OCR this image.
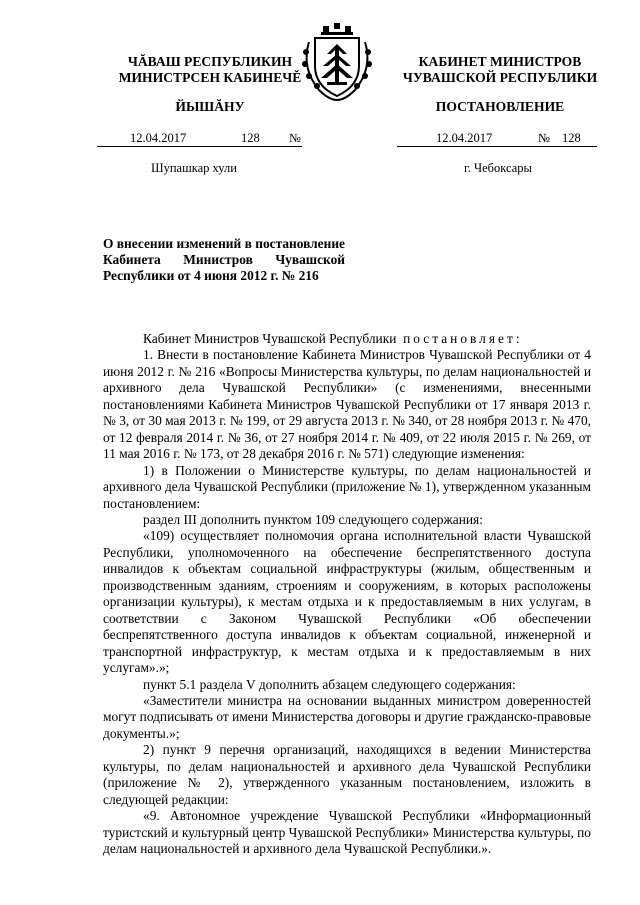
ЧĂВАШ РЕСПУБЛИКИН
МИНИСТРСЕН КАБИНЕЧĚ
ЙЫШĂНУ
КАБИНЕТ МИНИСТРОВ
ЧУВАШСКОЙ РЕСПУБЛИКИ
ПОСТАНОВЛЕНИЕ
12.04.2017	128 №	12.04.2017	№ 128
Шупашкар хули	г. Чебоксары
О внесении изменений в постановление Кабинета Министров Чувашской Республики от 4 июня 2012 г. № 216

Кабинет Министров Чувашской Республики постановляет:

1. Внести в постановление Кабинета Министров Чувашской Республики от 4 июня 2012 г. № 216 «Вопросы Министерства культуры, по делам национальностей и архивного дела Чувашской Республики» (с изменениями, внесенными постановлениями Кабинета Министров Чувашской Республики от 17 января 2013 г. № 3, от 30 мая 2013 г. № 199, от 29 августа 2013 г. № 340, от 28 ноября 2013 г. № 470, от 12 февраля 2014 г. № 36, от 27 ноября 2014 г. № 409, от 22 июля 2015 г. № 269, от 11 мая 2016 г. № 173, от 28 декабря 2016 г. № 571) следующие изменения:

1) в Положении о Министерстве культуры, по делам национальностей и архивного дела Чувашской Республики (приложение № 1), утвержденном указанным постановлением:

раздел III дополнить пунктом 109 следующего содержания:

«109) осуществляет полномочия органа исполнительной власти Чувашской Республики, уполномоченного на обеспечение беспрепятственного доступа инвалидов к объектам социальной инфраструктуры (жилым, общественным и производственным зданиям, строениям и сооружениям, в которых расположены организации культуры), к местам отдыха и к предоставляемым в них услугам, в соответствии с Законом Чувашской Республики «Об обеспечении беспрепятственного доступа инвалидов к объектам социальной, инженерной и транспортной инфраструктур, к местам отдыха и к предоставляемым в них услугам».»;

пункт 5.1 раздела V дополнить абзацем следующего содержания:

«Заместители министра на основании выданных министром доверенностей могут подписывать от имени Министерства договоры и другие гражданско-правовые документы.»;

2) пункт 9 перечня организаций, находящихся в ведении Министерства культуры, по делам национальностей и архивного дела Чувашской Республики (приложение № 2), утвержденного указанным постановлением, изложить в следующей редакции:

«9. Автономное учреждение Чувашской Республики «Информационный туристский и культурный центр Чувашской Республики» Министерства культуры, по делам национальностей и архивного дела Чувашской Республики.».
